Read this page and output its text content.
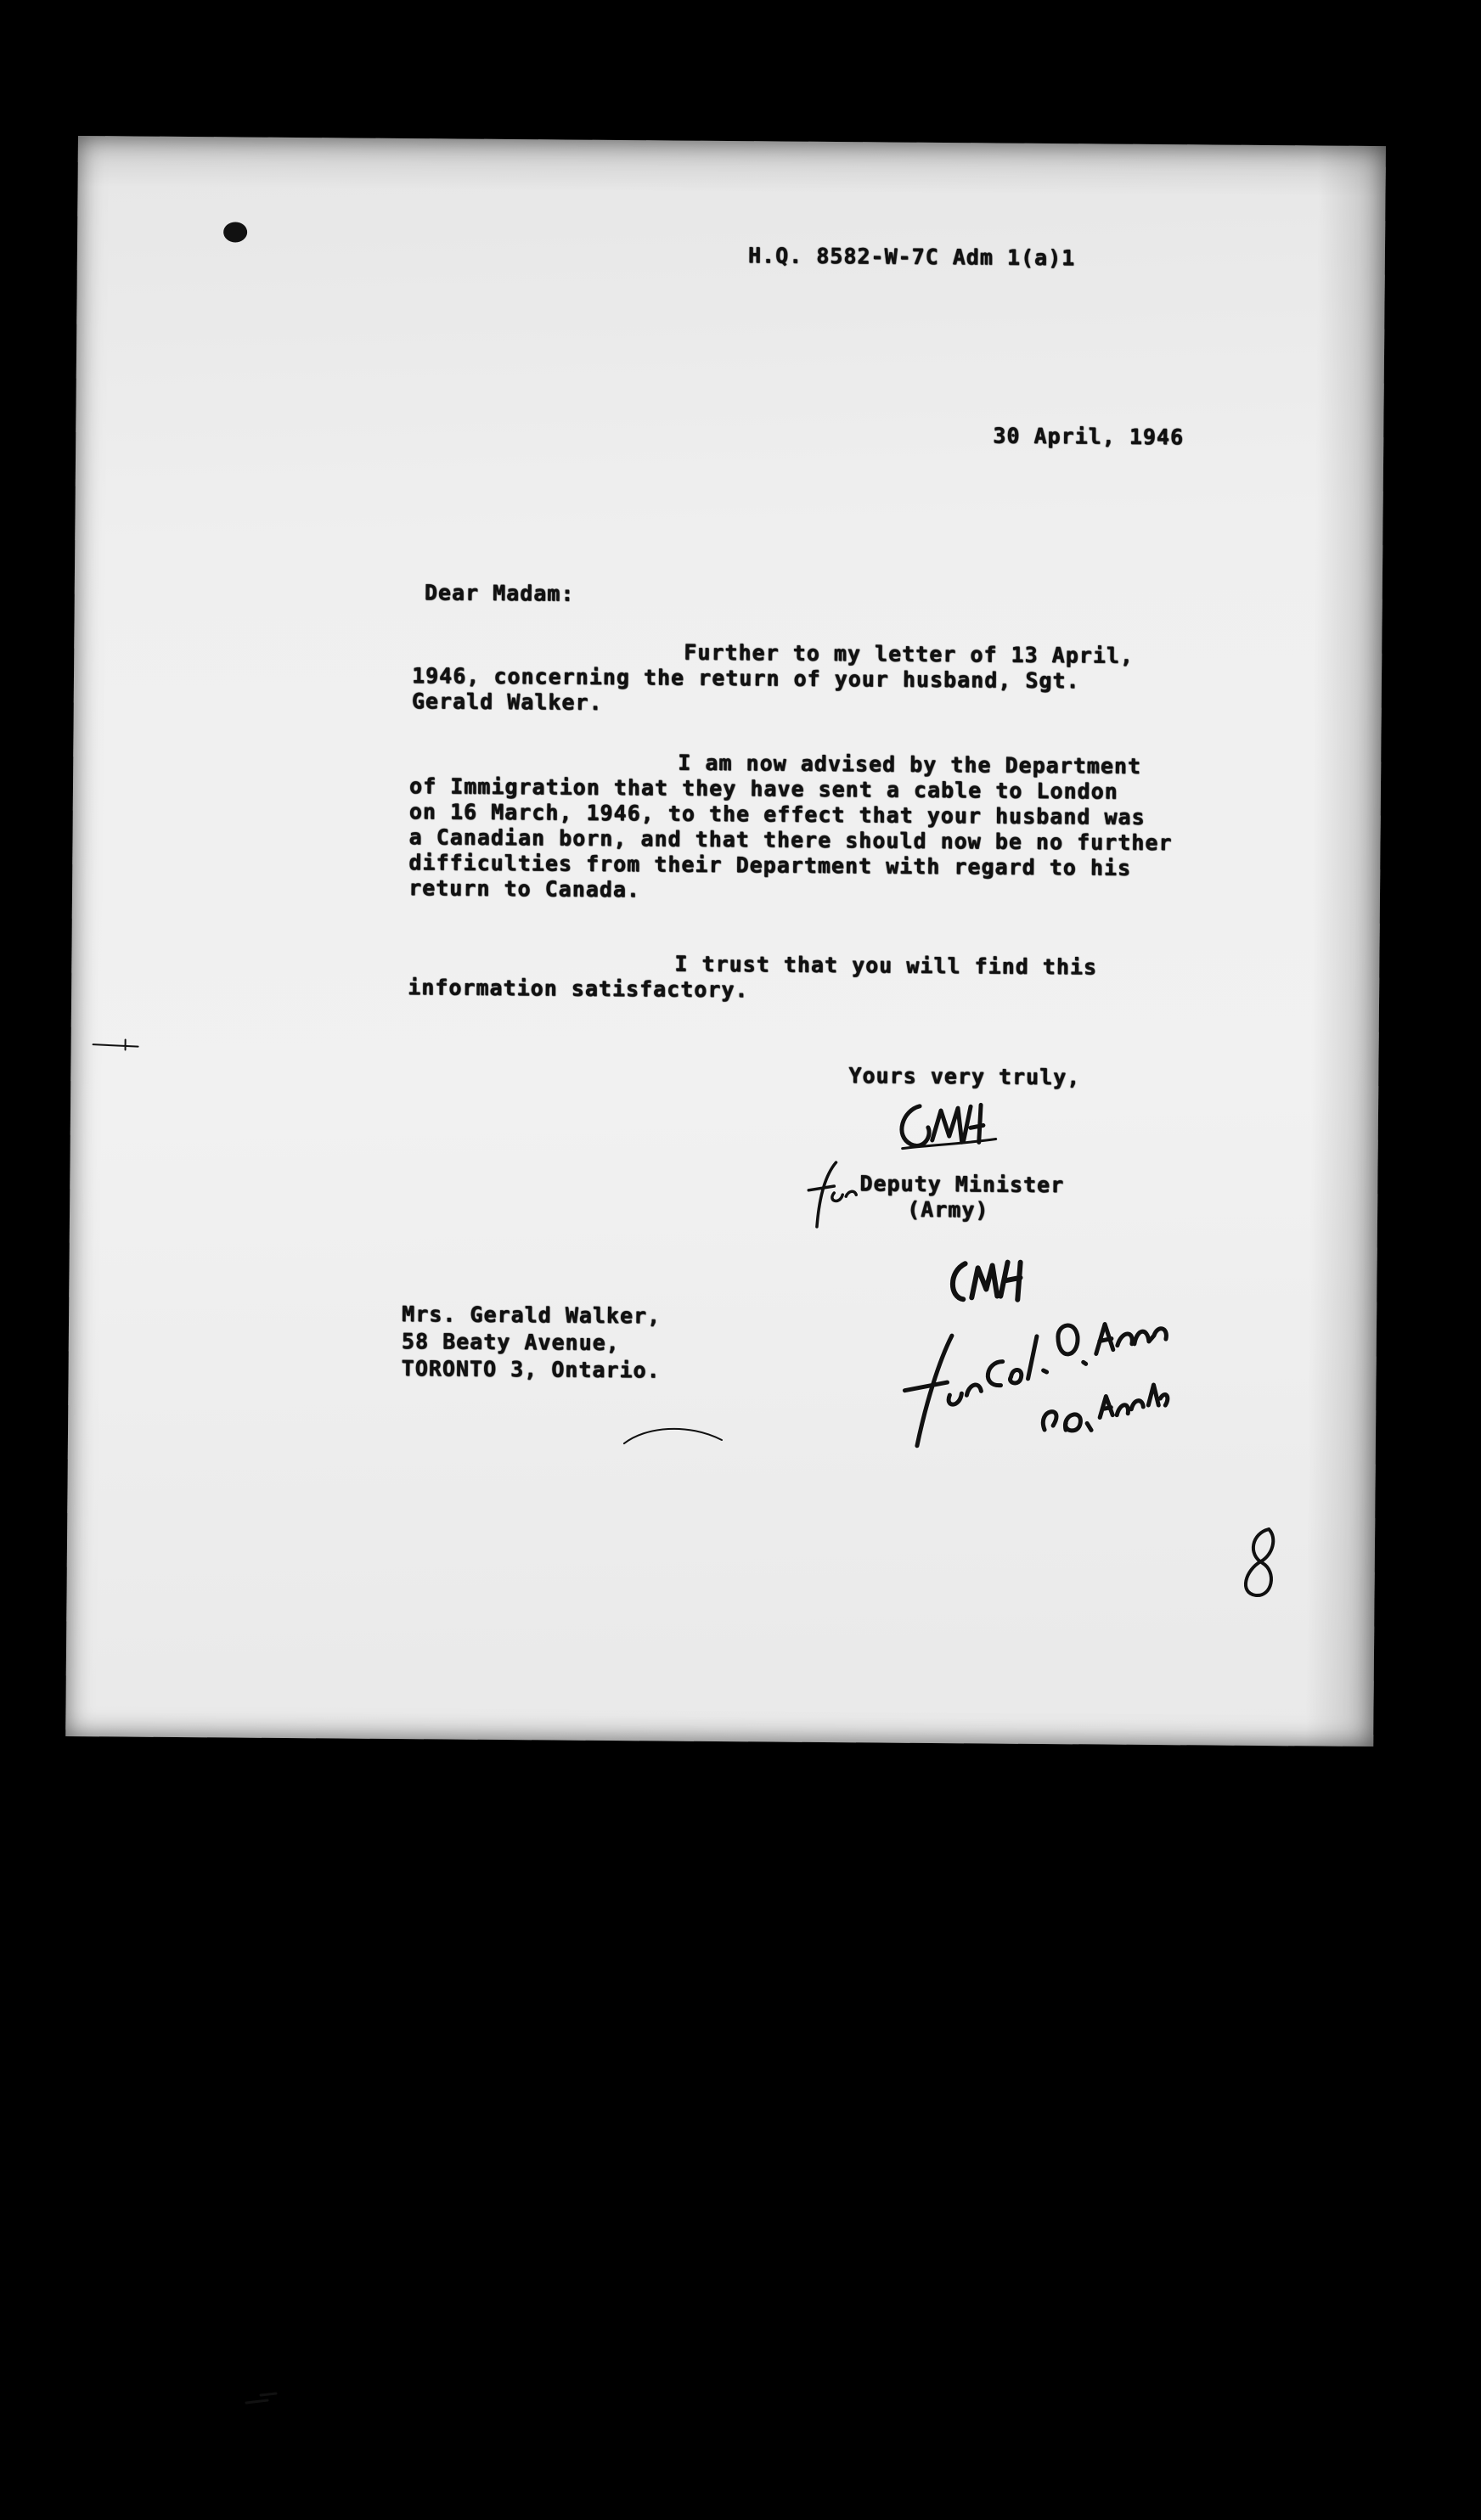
H.Q. 8582-W-7C Adm 1(a)1
30 April, 1946
Dear Madam:
Further to my letter of 13 April,
1946, concerning the return of your husband, Sgt.
Gerald Walker.
I am now advised by the Department
of Immigration that they have sent a cable to London
on 16 March, 1946, to the effect that your husband was
a Canadian born, and that there should now be no further
difficulties from their Department with regard to his
return to Canada.
I trust that you will find this
information satisfactory.
Yours very truly,
Deputy Minister
(Army)
Mrs. Gerald Walker,
58 Beaty Avenue,
TORONTO 3, Ontario.
